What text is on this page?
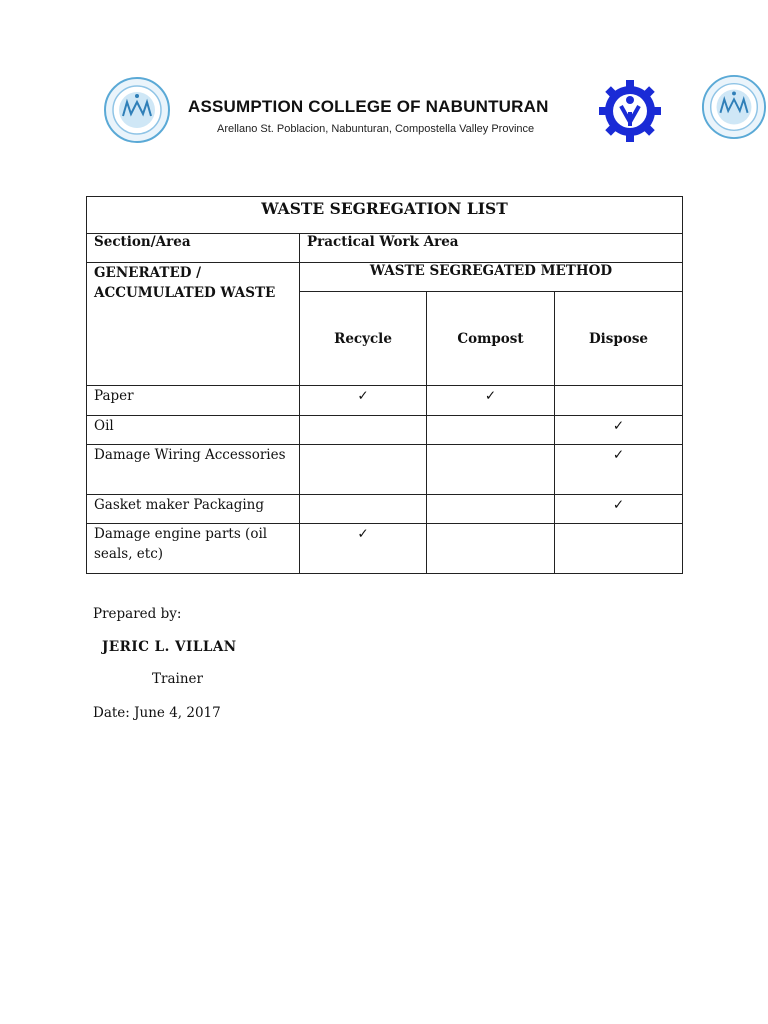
ASSUMPTION COLLEGE OF NABUNTURAN
Arellano St. Poblacion, Nabunturan, Compostella Valley Province
WASTE SEGREGATION LIST			
Section/Area	Practical Work Area		

GENERATED /
ACCUMULATED WASTE	WASTE SEGREGATED METHOD		
	Recycle	Compost	Dispose
Paper	✓	✓	
Oil			✓
Damage Wiring Accessories			✓
Gasket maker Packaging			✓
Damage engine parts (oil seals, etc)	✓		
Prepared by:
JERIC L. VILLAN
Trainer
Date: June 4, 2017
